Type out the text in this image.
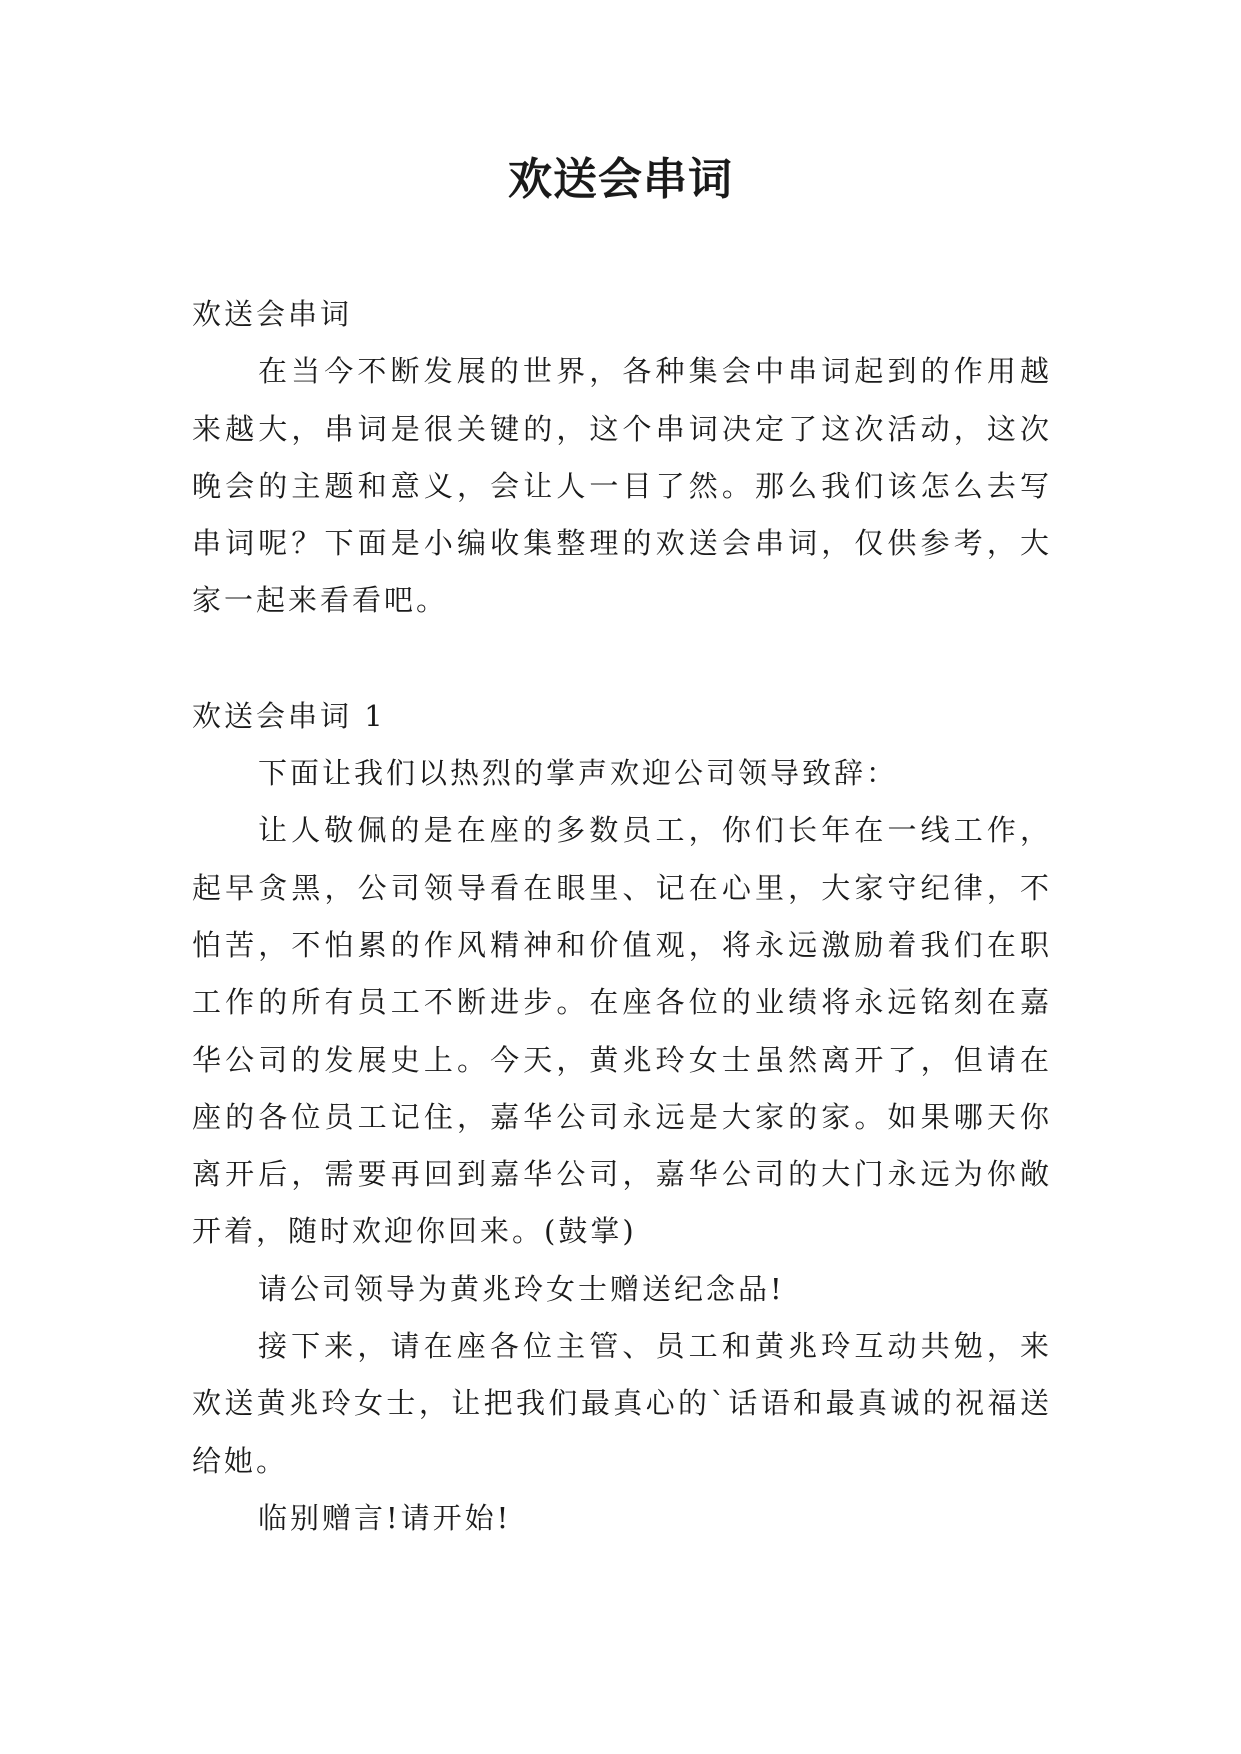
欢送会串词

欢送会串词

在当今不断发展的世界，各种集会中串词起到的作用越来越大，串词是很关键的，这个串词决定了这次活动，这次晚会的主题和意义，会让人一目了然。那么我们该怎么去写串词呢？下面是小编收集整理的欢送会串词，仅供参考，大家一起来看看吧。

欢送会串词 1

下面让我们以热烈的掌声欢迎公司领导致辞：

让人敬佩的是在座的多数员工，你们长年在一线工作，起早贪黑，公司领导看在眼里、记在心里，大家守纪律，不怕苦，不怕累的作风精神和价值观，将永远激励着我们在职工作的所有员工不断进步。在座各位的业绩将永远铭刻在嘉华公司的发展史上。今天，黄兆玲女士虽然离开了，但请在座的各位员工记住，嘉华公司永远是大家的家。如果哪天你离开后，需要再回到嘉华公司，嘉华公司的大门永远为你敞开着，随时欢迎你回来。(鼓掌)

请公司领导为黄兆玲女士赠送纪念品!

接下来，请在座各位主管、员工和黄兆玲互动共勉，来欢送黄兆玲女士，让把我们最真心的`话语和最真诚的祝福送给她。

临别赠言!请开始!
